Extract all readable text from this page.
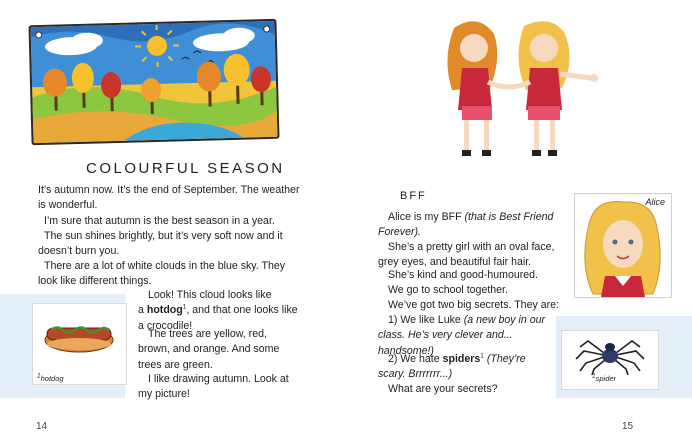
COLOURFUL SEASON
It’s autumn now. It’s the end of September. The weather is wonderful.
I’m sure that autumn is the best season in a year.
The sun shines brightly, but it’s very soft now and it doesn’t burn you.
There are a lot of white clouds in the blue sky. They look like different things.
Look! This cloud looks like
a hotdog$^1$, and that one looks like a crocodile!
The trees are yellow, red, brown, and orange. And some trees are green.
I like drawing autumn. Look at my picture!
$^1$hotdog
14
BFF
Alice is my BFF (that is Best Friend Forever).
She’s a pretty girl with an oval face, grey eyes, and beautiful fair hair.
She’s kind and good-humoured.
We go to school together.
We’ve got two big secrets. They are:
1) We like Luke (a new boy in our class. He’s very clever and... handsome!)
2) We hate spiders$^1$ (They’re scary. Brrrrrrr...)
What are your secrets?
Alice
$^1$spider
15
